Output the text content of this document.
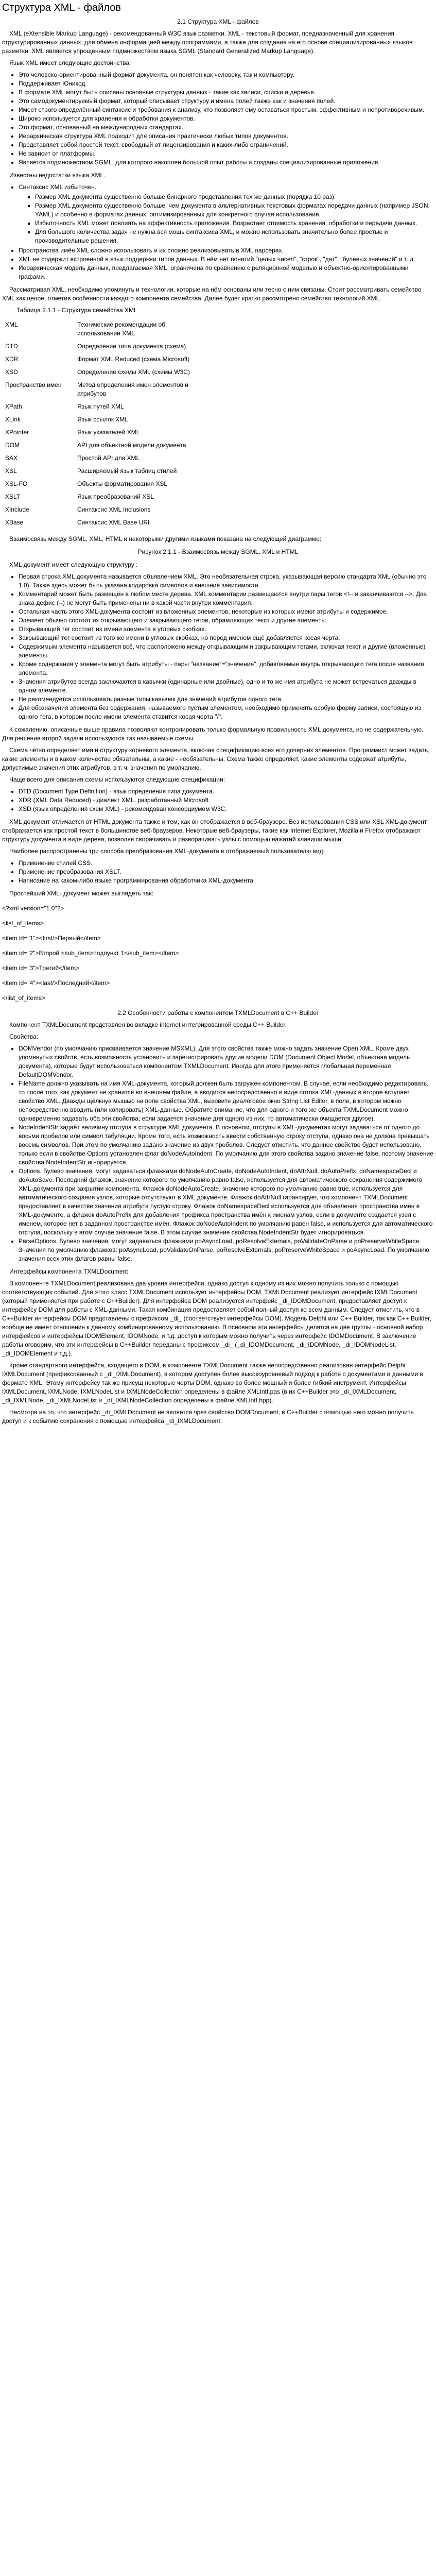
Структура XML - файлов
2.1 Структура XML - файлов

XML (eXtensible Markup Language) - рекомендованный W3C язык разметки. XML - текстовый формат, предназначенный для хранения структурированных данных, для обмена информацией между программами, а также для создания на его основе специализированных языков разметки. XML является упрощённым подмножеством языка SGML (Standard Generalized Markup Language).

Язык XML имеет следующие достоинства:

• Это человеко-ориентированный формат документа, он понятен как человеку, так и компьютеру.
• Поддерживает Юникод.
• В формате XML могут быть описаны основные структуры данных - такие как записи, списки и деревья.
• Это самодокументируемый формат, который описывает структуру и имена полей также как и значения полей.
• Имеет строго определённый синтаксис и требования к анализу, что позволяет ему оставаться простым, эффективным и непротиворечивым.
• Широко используется для хранения и обработки документов.
• Это формат, основанный на международных стандартах.
• Иерархическая структура XML подходит для описания практически любых типов документов.
• Представляет собой простой текст, свободный от лицензирования и каких-либо ограничений.
• Не зависит от платформы.
• Является подмножеством SGML, для которого накоплен большой опыт работы и созданы специализированные приложения.

Известны недостатки языка XML.

• Синтаксис XML избыточен.
▪ Размер XML документа существенно больше бинарного представления тех же данных (порядка 10 раз).
▪ Размер XML документа существенно больше, чем документа в альтернативных текстовых форматах передачи данных (например JSON, YAML) и особенно в форматах данных, оптимизированных для конкретного случая использования.
▪ Избыточность XML может повлиять на эффективность приложения. Возрастает стоимость хранения, обработки и передачи данных.
▪ Для большого количества задач не нужна вся мощь синтаксиса XML, и можно использовать значительно более простые и производительные решения.
• Пространства имён XML сложно использовать и их сложно реализовывать в XML парсерах.
• XML не содержит встроенной в язык поддержки типов данных. В нём нет понятий "целых чисел", "строк", "дат", "булевых значений" и т. д.
• Иерархическая модель данных, предлагаемая XML, ограничена по сравнению с реляционной моделью и объектно-ориентированными графами.

Рассматривая XML, необходимо упомянуть и технологии, которые на нём основаны или тесно с ним связаны. Стоит рассматривать семейство XML как целое, отметив особенности каждого компонента семейства. Далее будет кратко рассмотрено семейство технологий XML.

Таблица 2.1.1 - Структура семейства XML
XML	Технические рекомендации об использовании XML
DTD	Определение типа документа (схема)
XDR	Формат XML Reduced (схема Microsoft)
XSD	Определение схемы XML (схемы W3C)
Пространство имен	Метод определения имен элементов и атрибутов
XPath	Язык путей XML
XLink	Язык ссылок XML
XPointer	Язык указателей XML
DOM	API для объектной модели документа
SAX	Простой API для XML
XSL	Расширяемый язык таблиц стилей
XSL-FO	Объекты форматирования XSL
XSLT	Язык преобразований XSL
XInclude	Синтаксис XML Inclusions
XBase	Синтаксис XML Base URI

Взаимосвязь между SGML, XML, HTML и некоторыми другими языками показана на следующей диаграмме:

Рисунок 2.1.1 - Взаимосвязь между SGML, XML и HTML

XML документ имеет следующую структуру :

• Первая строка XML документа называется объявлением XML. Это необязательная строка, указывающая версию стандарта XML (обычно это 1.0). Также здесь может быть указана кодировка символов и внешние зависимости.
• Комментарий может быть размещён в любом месте дерева. XML комментарии размещаются внутри пары тегов <!-- и заканчиваются -->. Два знака дефис (--) не могут быть применены ни в какой части внутри комментария.
• Остальная часть этого XML-документа состоит из вложенных элементов, некоторые из которых имеют атрибуты и содержимое.
• Элемент обычно состоит из открывающего и закрывающего тегов, обрамляющих текст и другие элементы.
• Открывающий тег состоит из имени элемента в угловых скобках.
• Закрывающий тег состоит из того же имени в угловых скобках, но перед именем ещё добавляется косая черта.
• Содержимым элемента называется всё, что расположено между открывающим и закрывающим тегами, включая текст и другие (вложенные) элементы.
• Кроме содержания у элемента могут быть атрибуты - пары "название"="значение", добавляемые внутрь открывающего тега после названия элемента.
• Значения атрибутов всегда заключаются в кавычки (одинарные или двойные), одно и то же имя атрибута не может встречаться дважды в одном элементе.
• Не рекомендуется использовать разные типы кавычек для значений атрибутов одного тега.
• Для обозначения элемента без содержания, называемого пустым элементом, необходимо применять особую форму записи, состоящую из одного тега, в котором после имени элемента ставится косая черта "/".

К сожалению, описанные выше правила позволяют контролировать только формальную правильность XML документа, но не содержательную. Для решения второй задачи используются так называемые схемы.

Схема чётко определяет имя и структуру корневого элемента, включая спецификацию всех его дочерних элементов. Программист может задать, какие элементы и в каком количестве обязательны, а какие - необязательны. Схема также определяет, какие элементы содержат атрибуты, допустимые значения этих атрибутов, в т. ч. значения по умолчанию.

Чаще всего для описания схемы используются следующие спецификации:

• DTD (Document Type Definition) - язык определения типа документа.
• XDR (XML Data Reduced) - диалект XML, разработанный Microsoft.
• XSD (язык определения схем XML) - рекомендован консорциумом W3C.

XML документ отличается от HTML документа также и тем, как он отображается в веб-браузере. Без использования CSS или XSL XML-документ отображается как простой текст в большинстве веб-браузеров. Некоторые веб-браузеры, такие как Internet Explorer, Mozilla и Firefox отображают структуру документа в виде дерева, позволяя сворачивать и разворачивать узлы с помощью нажатий клавиши мыши.

Наиболее распространены три способа преобразования XML-документа в отображаемый пользователю вид:

• Применение стилей CSS.
• Применение преобразования XSLT.
• Написание на каком-либо языке программирования обработчика XML-документа.

Простейший XML- документ может выглядеть так:

<?xml version="1.0"?>
<list_of_items>
<item id="1"><first/>Первый</item>
<item id="2">Второй <sub_item>подпункт 1</sub_item></item>
<item id="3">Третий</item>
<item id="4"><last/>Последний</item>
</list_of_items>
2.2 Особенности работы с компонентом TXMLDocument в C++ Builder

Компонент TXMLDocument представлен во вкладке internet интегрированной среды C++ Builder.

Свойства:

• DOMVendor (по умолчанию присваивается значение MSXML). Для этого свойства также можно задать значение Open XML. Кроме двух упомянутых свойств, есть возможность установить и зарегистрировать другие модели DOM (Document Object Model, объектная модель документа), которые будут использоваться компонентом TXMLDocument. Иногда для этого применяется глобальная переменная DefaultDOMVendor.
• FileName должно указывать на имя XML-документа, который должен быть загружен компонентом. В случае, если необходимо редактировать, то после того, как документ не хранится во внешнем файле, а вводится непосредственно в виде потока XML-данных в второе вступает свойство XML. Дважды щёлкнув мышью на поле свойства XML, вызовите диалоговое окно String List Editor, в поле, в котором можно непосредственно вводить (или копировать) XML-данные. Обратите внимание, что для одного и того же объекта TXMLDocument можно одновременно задавать оба эти свойства; если задается значение для одного из них, то автоматически очищается другое).
• NodeIndentStr задаёт величину отступа в структуре XML документа. В основном, отступы в XML-документах могут задаваться от одного до восьми пробелов или символ табуляции. Кроме того, есть возможность ввести собственную строку отступа, однако она не должна превышать восемь символов. При этом по умолчанию задано значение из двух пробелов. Следует отметить, что данное свойство будет использовано, только если в свойстве Options установлен флаг doNodeAutoIndent. По умолчанию для этого свойства задано значение false, поэтому значение свойства NodeIndentStr игнорируется.
• Options. Булево значения, могут задаваться флажками doNodeAutoCreate, doNodeAutoIndent, doAttrNull, doAutoPrefix, doNamespaceDecl и doAutoSave. Последний флажок, значение которого по умолчанию равно false, используется для автоматического сохранения содержимого XML-документа при закрытии компонента. Флажок doNodeAutoCreate, значение которого по умолчанию равно true, используется для автоматического создания узлов, которые отсутствуют в XML документе. Флажок doAttrNull гарантирует, что компонент TXMLDocument предоставляет в качестве значения атрибута пустую строку. Флажок doNamespaceDecl используется для объявления пространства имён в XML-документе, а флажок doAutoPrefix для добавления префикса пространства имён к именам узлов, если в документе создается узел с именем, которое нет в заданном пространстве имён. Флажок doNodeAutoIndent по умолчанию равен false, и используется для автоматического отступа, поскольку в этом случае значение false. В этом случае значение свойства NodeIndentStr будет игнорироваться.
• ParseOptions. Булево значения, могут задаваться флажками poAsyncLoad, poResolveExternals, poValidateOnParse и poPreserveWhiteSpace. Значения по умолчанию флажков: poAsyncLoad, poValidateOnParse, poResolveExternals, poPreserveWhiteSpace и poAsyncLoad. По умолчанию значения всех этих флагов равны false.

Интерфейсы компонента TXMLDocument

В компоненте TXMLDocument реализована два уровня интерфейса, однако доступ к одному из них можно получить только с помощью соответствующих событий. Для этого класс TXMLDocument использует интерфейсы DOM. TXMLDocument реализует интерфейс IXMLDocument (который применяется при работе с C++Builder). Для интерфейса DOM реализуется интерфейс _di_IDOMDocument, предоставляет доступ к интерфейсу DOM для работы с XML-данными. Такая комбинация предоставляет собой полный доступ ко всем данным. Следует отметить, что в C++Builder интерфейсы DOM представлены с префиксом _di_ (соответствует интерфейсы DOM). Модель Delphi или C++ Builder, так как C++ Builder, вообще не имеет отношения к данному комбинированному использованию. В основном эти интерфейсы делятся на две группы - основной набор интерфейсов и интерфейсы IDOMElement, IDOMNode, и т.д. доступ к которым можно получить через интерфейс IDOMDocument. В заключение работы оговорим, что эти интерфейсы в C++Builder переданы с префиксом _di_ (_di_IDOMDocument, _di_IDOMNode, _di_IDOMNodeList, _di_IDOMElement и т.д.).

Кроме стандартного интерфейса, входящего в DOM, в компоненте TXMLDocument также непосредственно реализован интерфейс Delphi IXMLDocument (префиксованный с _di_IXMLDocument), в котором доступен более высокоуровневый подход к работе с документами и данными в формате XML. Этому интерфейсу так же присущ некоторые черты DOM, однако во более мощный и более гибкий инструмент. Интерфейсы IXMLDocument, IXMLNode, IXMLNodeList и IXMLNodeCollection определены в файле XMLIntf.pas (в их C++Builder это _di_IXMLDocument, _di_IXMLNode, _di_IXMLNodeList и _di_IXMLNodeCollection определены в файле XMLIntf.hpp).

Несмотря на то, что интерфейс _di_IXMLDocument не является чрез свойство DOMDocument, в C++Builder с помощью него можно получить доступ и к событию сохранения с помощью интерфейса _di_IXMLDocument.
